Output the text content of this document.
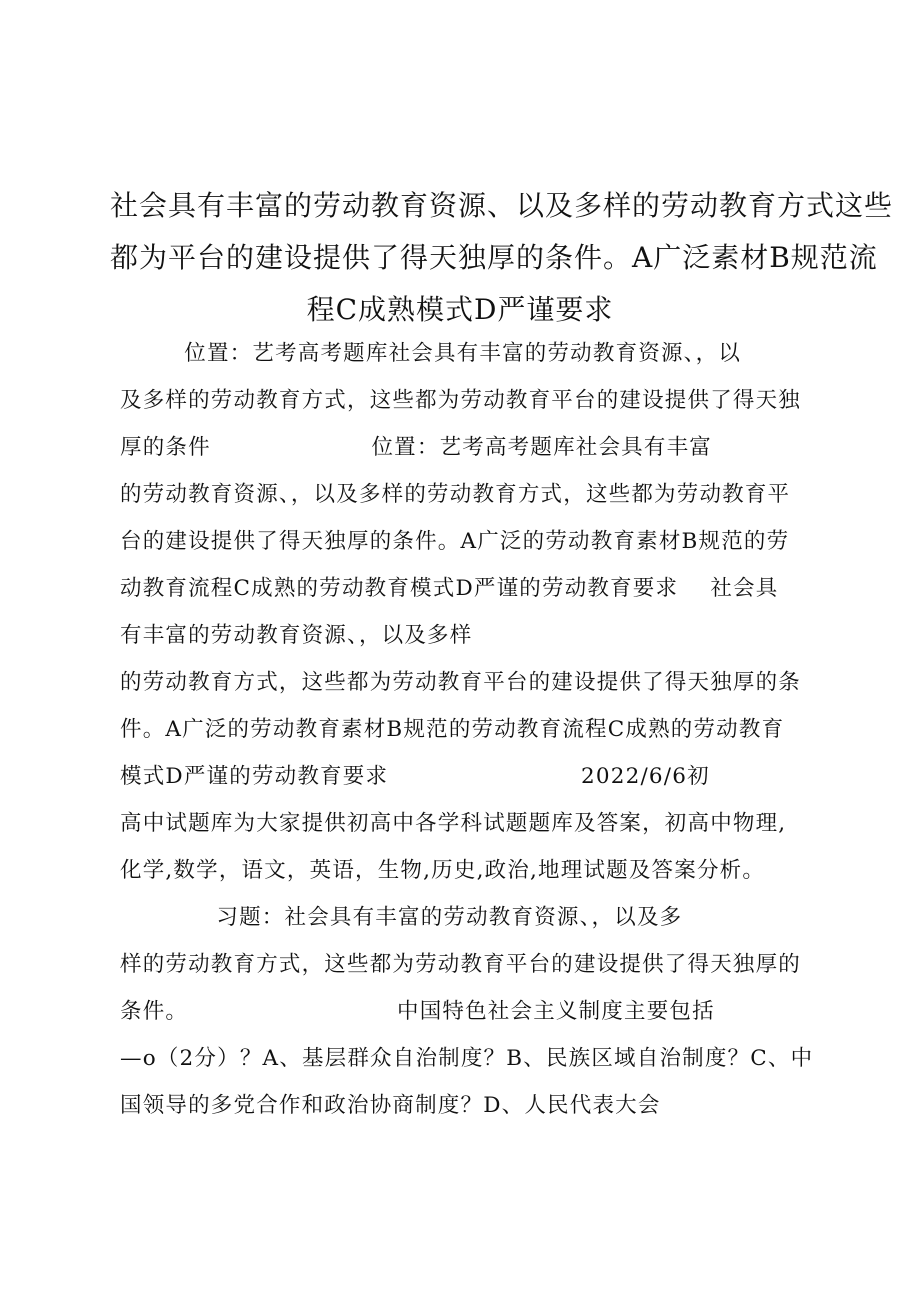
社会具有丰富的劳动教育资源、以及多样的劳动教育方式这些
都为平台的建设提供了得天独厚的条件。A广泛素材B规范流
程C成熟模式D严谨要求
位置：艺考高考题库社会具有丰富的劳动教育资源、，以
及多样的劳动教育方式，这些都为劳动教育平台的建设提供了得天独
厚的条件                    位置：艺考高考题库社会具有丰富
的劳动教育资源、，以及多样的劳动教育方式，这些都为劳动教育平
台的建设提供了得天独厚的条件。A广泛的劳动教育素材B规范的劳
动教育流程C成熟的劳动教育模式D严谨的劳动教育要求    社会具
有丰富的劳动教育资源、，以及多样
的劳动教育方式，这些都为劳动教育平台的建设提供了得天独厚的条
件。A广泛的劳动教育素材B规范的劳动教育流程C成熟的劳动教育
模式D严谨的劳动教育要求                        2022/6/6初
高中试题库为大家提供初高中各学科试题题库及答案，初高中物理,
化学,数学，语文，英语，生物,历史,政治,地理试题及答案分析。
习题：社会具有丰富的劳动教育资源、，以及多
样的劳动教育方式，这些都为劳动教育平台的建设提供了得天独厚的
条件。                          中国特色社会主义制度主要包括
—o（2分）？A、基层群众自治制度？B、民族区域自治制度？C、中
国领导的多党合作和政治协商制度？D、人民代表大会
